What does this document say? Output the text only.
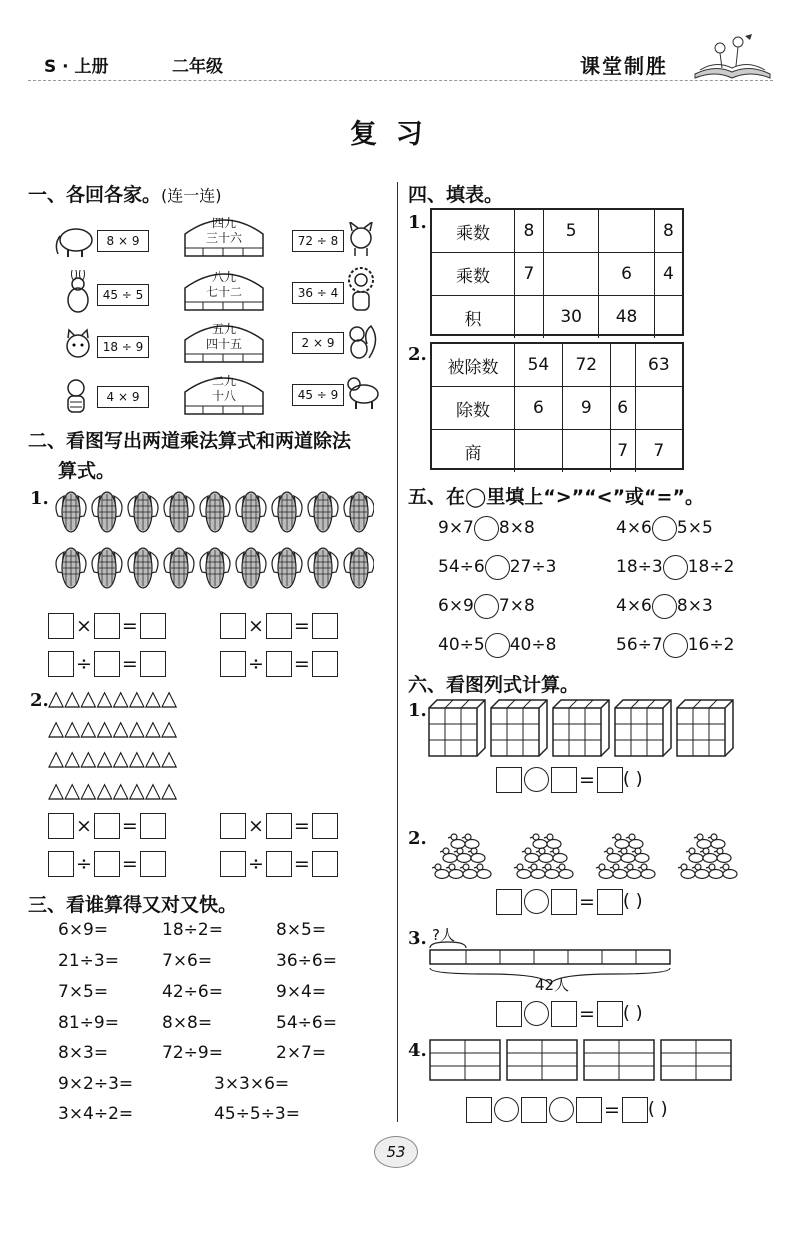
S · 上册	二年级	课堂制胜
复  习
一、各回各家。(连一连)
8 × 9
45 ÷ 5
18 ÷ 9
4 × 9
四九
三十六
八九
七十二
五九
四十五
二九
十八
72 ÷ 8
36 ÷ 4
2 × 9
45 ÷ 9
二、看图写出两道乘法算式和两道除法
算式。
1.
× =	× =
÷ =	÷ =
2. △△△△△△△△
△△△△△△△△
△△△△△△△△
△△△△△△△△
× =	× =
÷ =	÷ =
三、看谁算得又对又快。
6×9=	18÷2=	8×5=
21÷3=	7×6=	36÷6=
7×5=	42÷6=	9×4=
81÷9=	8×8=	54÷6=
8×3=	72÷9=	2×7=
9×2÷3=	3×3×6=
3×4÷2=	45÷5÷3=
四、填表。
1.
乘数	8	5		8
乘数	7		6	4
积		30	48	
2.
被除数	54	72		63
除数	6	9	6	
商			7	7
五、在◯里填上“>”“<”或“=”。
9×7 8×8	4×6 5×5
54÷6 27÷3	18÷3 18÷2
6×9 7×8	4×6 8×3
40÷5 40÷8	56÷7 16÷2
六、看图列式计算。
1.
= ( )
2.
= ( )
3. ?人
42人
= ( )
4.
= ( )
53
